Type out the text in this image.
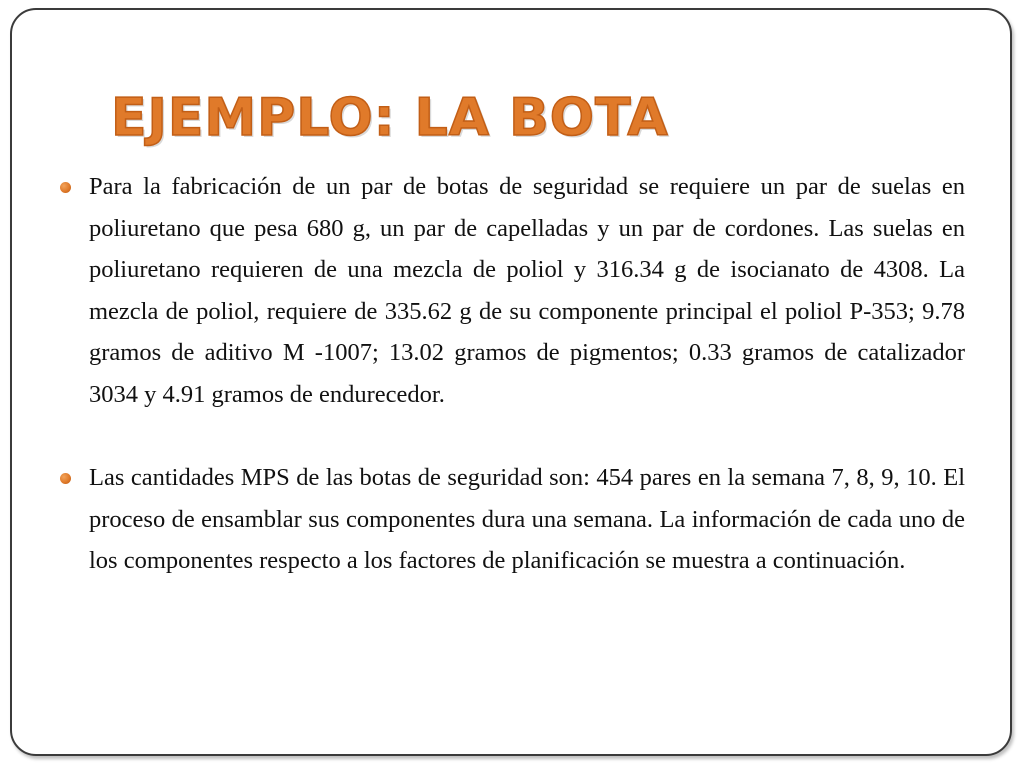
EJEMPLO: LA BOTA
Para la fabricación de un par de botas de seguridad se requiere un par de suelas en poliuretano que pesa 680 g, un par de capelladas y un par de cordones. Las suelas en poliuretano requieren de una mezcla de poliol y 316.34 g de isocianato de 4308. La mezcla de poliol, requiere de 335.62 g de su componente principal el poliol P-353; 9.78 gramos de aditivo M -1007; 13.02 gramos de pigmentos; 0.33 gramos de catalizador 3034 y 4.91 gramos de endurecedor.
Las cantidades MPS de las botas de seguridad son: 454 pares en la semana 7, 8, 9, 10. El proceso de ensamblar sus componentes dura una semana. La información de cada uno de los componentes respecto a los factores de planificación se muestra a continuación.
